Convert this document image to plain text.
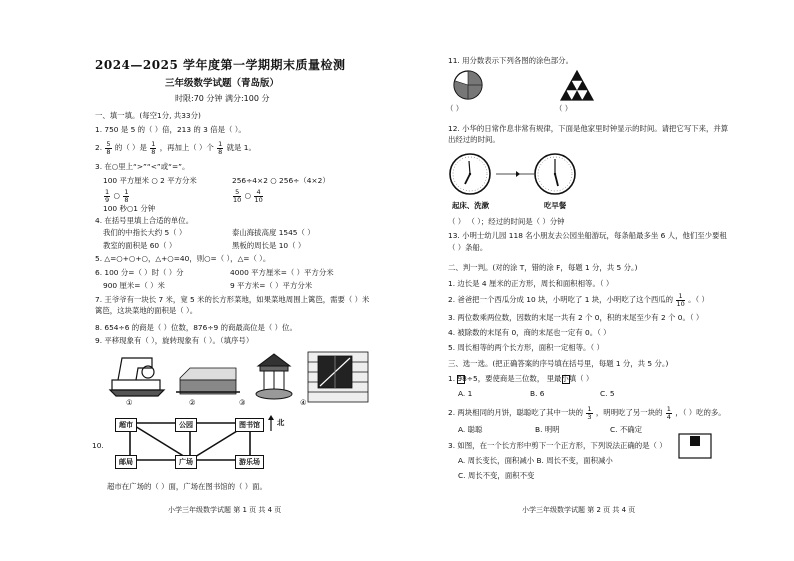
2024—2025 学年度第一学期期末质量检测
三年级数学试题（青岛版）
时限:70 分钟 满分:100 分
一、填一填。(每空1分, 共33分)
1. 750 是 5 的（ ）倍，213 的 3 倍是（ ）。
2. $\frac{5}{8}$ 的（ ）是 $\frac{1}{8}$ ，再加上（ ）个 $\frac{1}{8}$ 就是 1。
3. 在○里上“>”“<”或“=”。
100 平方厘米 ○ 2 平方分米	256÷4×2 ○ 256÷（4×2）
$\frac{1}{9}$ ○ $\frac{1}{8}$	$\frac{5}{10}$ ○ $\frac{4}{10}$
100 秒○1 分钟
4. 在括号里填上合适的单位。
我们的中指长大约 5（ ）	泰山海拔高度 1545（ ）
教室的面积是 60（ ）	黑板的周长是 10（ ）
5. △=○+○+○，△+○=40，则○=（ ），△=（ ）。
6. 100 分=（ ）时（ ）分	4000 平方厘米=（ ）平方分米
900 厘米=（ ）米	9 平方米=（ ）平方分米
7. 王爷爷有一块长 7 米，宽 5 米的长方形菜地，如果菜地周围上篱笆，需要（ ）米
篱笆，这块菜地的面积是（ ）。
8. 654÷6 的商是（ ）位数，876÷9 的商最高位是（ ）位。
9. 平移现象有（ ），旋转现象有（ ）。（填序号）
①	②	③	④
10.
超市	公园	图书馆
邮局	广场	游乐场
北
超市在广场的（ ）面，广场在图书馆的（ ）面。
小学三年级数学试题 第 1 页 共 4 页
11. 用分数表示下列各图的涂色部分。
（ ）	（ ）
12. 小华的日常作息非常有规律，下面是他家里时钟显示的时间。请把它写下来，并算
出经过的时间。
起床、洗漱	吃早餐
（ ） （ ）；经过的时间是（ ）分钟
13. 小明士幼儿园 118 名小朋友去公园坐船游玩，每条船最多坐 6 人，他们至少要租
（ ）条船。
二、判一判。(对的涂 T，错的涂 F，每题 1 分，共 5 分。)
1. 边长是 4 厘米的正方形，周长和面积相等。（ ）
2. 爸爸把一个西瓜分成 10 块，小明吃了 1 块，小明吃了这个西瓜的 $\frac{1}{10}$ 。（ ）
3. 两位数乘两位数，因数的末尾一共有 2 个 0，积的末尾至少有 2 个 0。（ ）
4. 被除数的末尾有 0，商的末尾也一定有 0。（ ）
5. 周长相等的两个长方形，面积一定相等。（ ）
三、选一选。(把正确答案的序号填在括号里，每题 1 分，共 5 分。)
1. 98÷5，要使商是三位数， 里最小填（ ）
A. 1	B. 6	C. 5
2. 两块相同的月饼，聪聪吃了其中一块的 $\frac{1}{3}$ ，明明吃了另一块的 $\frac{1}{4}$ ，（ ）吃的多。
A. 聪聪	B. 明明	C. 不确定
3. 如图，在一个长方形中剪下一个正方形，下列说法正确的是（ ）
A. 周长变长，面积减小 B. 周长不变，面积减小
C. 周长不变，面积不变
小学三年级数学试题 第 2 页 共 4 页
